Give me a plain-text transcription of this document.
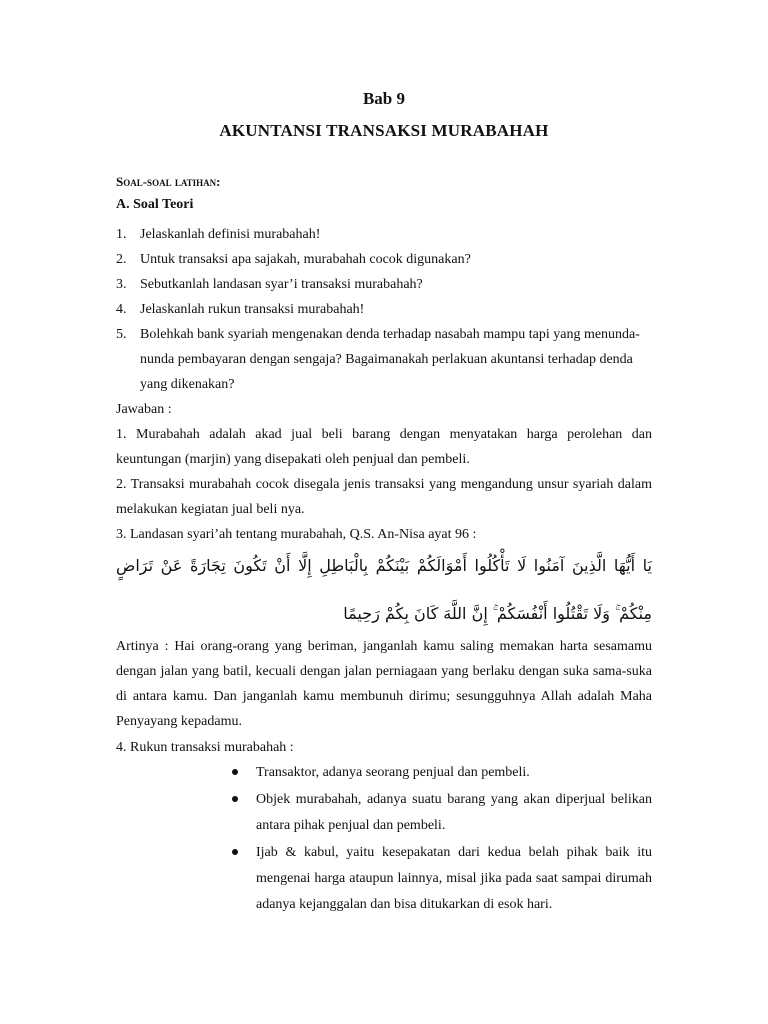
Bab 9
AKUNTANSI TRANSAKSI MURABAHAH
Soal-soal latihan:
A. Soal Teori
1. Jelaskanlah definisi murabahah!
2. Untuk transaksi apa sajakah, murabahah cocok digunakan?
3. Sebutkanlah landasan syar’i transaksi murabahah?
4. Jelaskanlah rukun transaksi murabahah!
5. Bolehkah bank syariah mengenakan denda terhadap nasabah mampu tapi yang menunda-nunda pembayaran dengan sengaja? Bagaimanakah perlakuan akuntansi terhadap denda yang dikenakan?
Jawaban :
1. Murabahah adalah akad jual beli barang dengan menyatakan harga perolehan dan keuntungan (marjin) yang disepakati oleh penjual dan pembeli.
2. Transaksi murabahah cocok disegala jenis transaksi yang mengandung unsur syariah dalam melakukan kegiatan jual beli nya.
3. Landasan syari’ah tentang murabahah, Q.S. An-Nisa ayat 96 :
يَا أَيُّهَا الَّذِينَ آمَنُوا لَا تَأْكُلُوا أَمْوَالَكُمْ بَيْنَكُمْ بِالْبَاطِلِ إِلَّا أَنْ تَكُونَ تِجَارَةً عَنْ تَرَاضٍ مِنْكُمْ ۚ وَلَا تَقْتُلُوا أَنْفُسَكُمْ ۚ إِنَّ اللَّهَ كَانَ بِكُمْ رَحِيمًا
Artinya : Hai orang-orang yang beriman, janganlah kamu saling memakan harta sesamamu dengan jalan yang batil, kecuali dengan jalan perniagaan yang berlaku dengan suka sama-suka di antara kamu. Dan janganlah kamu membunuh dirimu; sesungguhnya Allah adalah Maha Penyayang kepadamu.
4. Rukun transaksi murabahah :
Transaktor, adanya seorang penjual dan pembeli.
Objek murabahah, adanya suatu barang yang akan diperjual belikan antara pihak penjual dan pembeli.
Ijab & kabul, yaitu kesepakatan dari kedua belah pihak baik itu mengenai harga ataupun lainnya, misal jika pada saat sampai dirumah adanya kejanggalan dan bisa ditukarkan di esok hari.
